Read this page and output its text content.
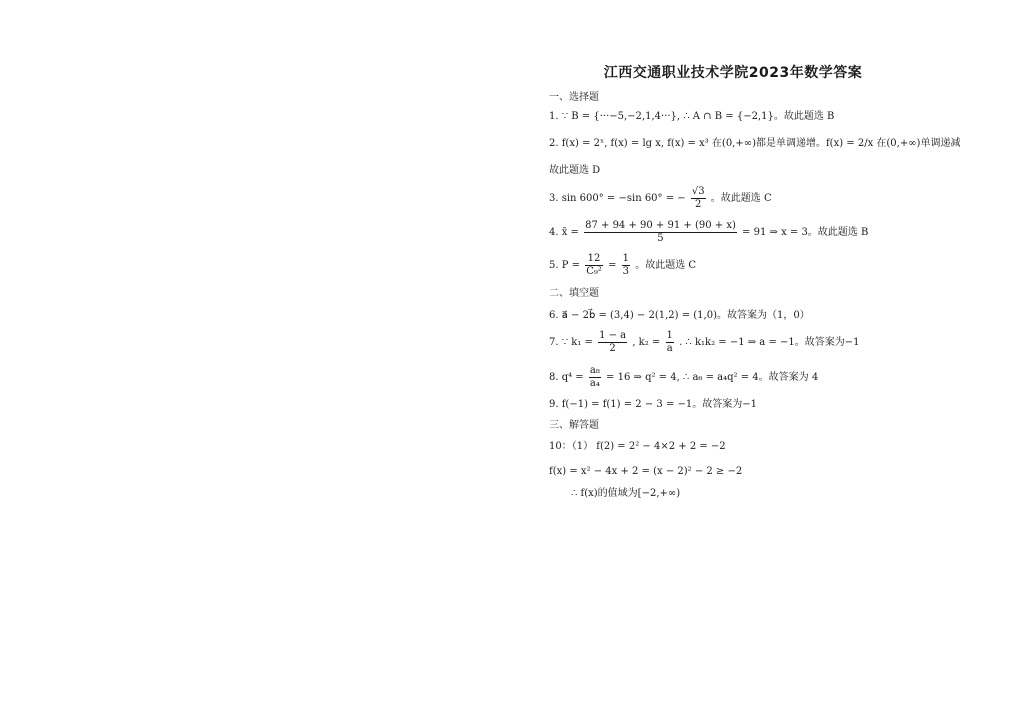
江西交通职业技术学院2023年数学答案
一、选择题
1. ∵ B = {···−5,−2,1,4···}, ∴ A ∩ B = {−2,1}。故此题选 B
2. f(x) = 2ˣ, f(x) = lg x, f(x) = x³ 在(0,+∞)都是单调递增。f(x) = 2/x 在(0,+∞)单调递减
故此题选 D
3. sin 600° = −sin 60° = − $\frac{√3}{2}$ 。故此题选 C
4. x̄ = $\frac{87 + 94 + 90 + 91 + (90 + x)}{5} = 91$ ⇒ x = 3。故此题选 B
5. $P = \frac{12}{\text{C₉²}} = \frac{1}{3}$ 。故此题选 C
二、填空题
6. a⃗ − 2b⃗ = (3,4) − 2(1,2) = (1,0)。故答案为（1，0）
7. ∵ $k_1 = \frac{1 - a}{2}$ , $k_2 = \frac{1}{a}$ . ∴ k₁k₂ = −1 ⇒ a = −1。故答案为−1
8. $q^4 = \frac{\text{a₈}}{\text{a₄}} = 16$ ⇒ q² = 4, ∴ a₆ = a₄q² = 4。故答案为 4
9. f(−1) = f(1) = 2 − 3 = −1。故答案为−1
三、解答题
10：（1） f(2) = 2² − 4×2 + 2 = −2
f(x) = x² − 4x + 2 = (x − 2)² − 2 ≥ −2
∴ f(x)的值域为[−2,+∞)
